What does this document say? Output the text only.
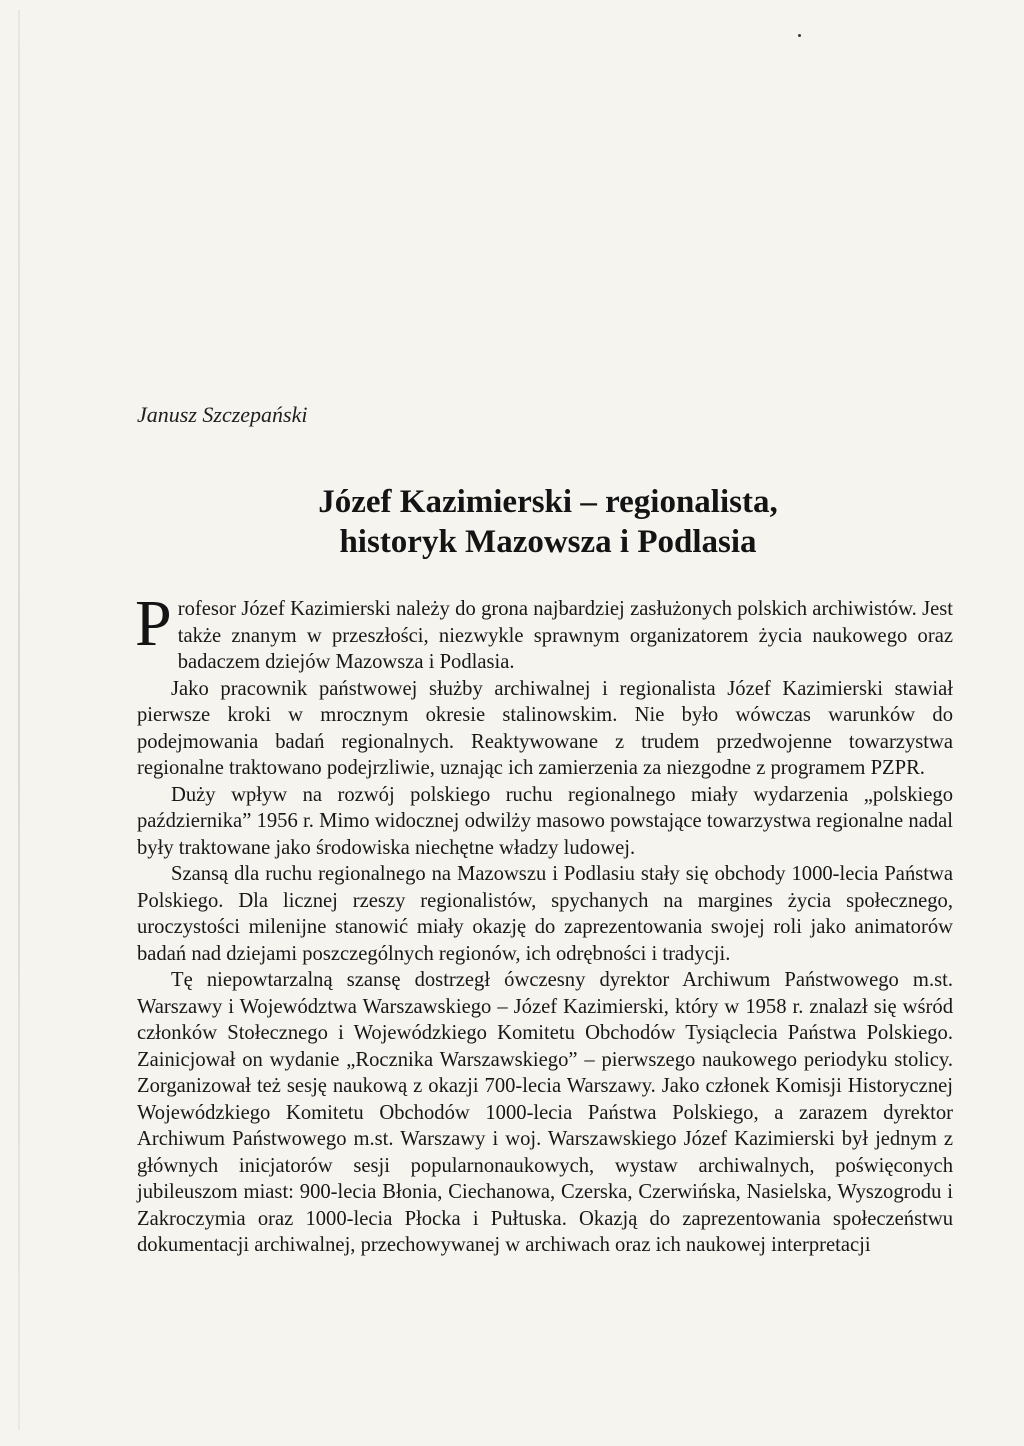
Janusz Szczepański
Józef Kazimierski – regionalista,
historyk Mazowsza i Podlasia

Profesor Józef Kazimierski należy do grona najbardziej zasłużonych polskich archiwistów. Jest także znanym w przeszłości, niezwykle sprawnym organizatorem życia naukowego oraz badaczem dziejów Mazowsza i Podlasia.

Jako pracownik państwowej służby archiwalnej i regionalista Józef Kazimierski stawiał pierwsze kroki w mrocznym okresie stalinowskim. Nie było wówczas warunków do podejmowania badań regionalnych. Reaktywowane z trudem przedwojenne towarzystwa regionalne traktowano podejrzliwie, uznając ich zamierzenia za niezgodne z programem PZPR.

Duży wpływ na rozwój polskiego ruchu regionalnego miały wydarzenia „polskiego października” 1956 r. Mimo widocznej odwilży masowo powstające towarzystwa regionalne nadal były traktowane jako środowiska niechętne władzy ludowej.

Szansą dla ruchu regionalnego na Mazowszu i Podlasiu stały się obchody 1000-lecia Państwa Polskiego. Dla licznej rzeszy regionalistów, spychanych na margines życia społecznego, uroczystości milenijne stanowić miały okazję do zaprezentowania swojej roli jako animatorów badań nad dziejami poszczególnych regionów, ich odrębności i tradycji.

Tę niepowtarzalną szansę dostrzegł ówczesny dyrektor Archiwum Państwowego m.st. Warszawy i Województwa Warszawskiego – Józef Kazimierski, który w 1958 r. znalazł się wśród członków Stołecznego i Wojewódzkiego Komitetu Obchodów Tysiąclecia Państwa Polskiego. Zainicjował on wydanie „Rocznika Warszawskiego” – pierwszego naukowego periodyku stolicy. Zorganizował też sesję naukową z okazji 700-lecia Warszawy. Jako członek Komisji Historycznej Wojewódzkiego Komitetu Obchodów 1000-lecia Państwa Polskiego, a zarazem dyrektor Archiwum Państwowego m.st. Warszawy i woj. Warszawskiego Józef Kazimierski był jednym z głównych inicjatorów sesji popularnonaukowych, wystaw archiwalnych, poświęconych jubileuszom miast: 900-lecia Błonia, Ciechanowa, Czerska, Czerwińska, Nasielska, Wyszogrodu i Zakroczymia oraz 1000-lecia Płocka i Pułtuska. Okazją do zaprezentowania społeczeństwu dokumentacji archiwalnej, przechowywanej w archiwach oraz ich naukowej interpretacji
